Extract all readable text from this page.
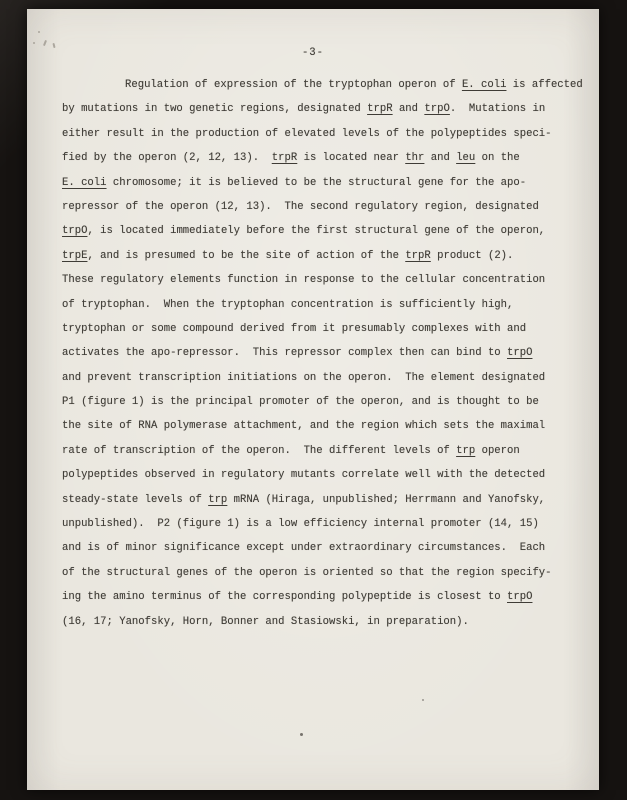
-3-
Regulation of expression of the tryptophan operon of E. coli is affected
by mutations in two genetic regions, designated trpR and trpO.  Mutations in
either result in the production of elevated levels of the polypeptides speci-
fied by the operon (2, 12, 13).  trpR is located near thr and leu on the
E. coli chromosome; it is believed to be the structural gene for the apo-
repressor of the operon (12, 13).  The second regulatory region, designated
trpO, is located immediately before the first structural gene of the operon,
trpE, and is presumed to be the site of action of the trpR product (2).
These regulatory elements function in response to the cellular concentration
of tryptophan.  When the tryptophan concentration is sufficiently high,
tryptophan or some compound derived from it presumably complexes with and
activates the apo-repressor.  This repressor complex then can bind to trpO
and prevent transcription initiations on the operon.  The element designated
P1 (figure 1) is the principal promoter of the operon, and is thought to be
the site of RNA polymerase attachment, and the region which sets the maximal
rate of transcription of the operon.  The different levels of trp operon
polypeptides observed in regulatory mutants correlate well with the detected
steady-state levels of trp mRNA (Hiraga, unpublished; Herrmann and Yanofsky,
unpublished).  P2 (figure 1) is a low efficiency internal promoter (14, 15)
and is of minor significance except under extraordinary circumstances.  Each
of the structural genes of the operon is oriented so that the region specify-
ing the amino terminus of the corresponding polypeptide is closest to trpO
(16, 17; Yanofsky, Horn, Bonner and Stasiowski, in preparation).
